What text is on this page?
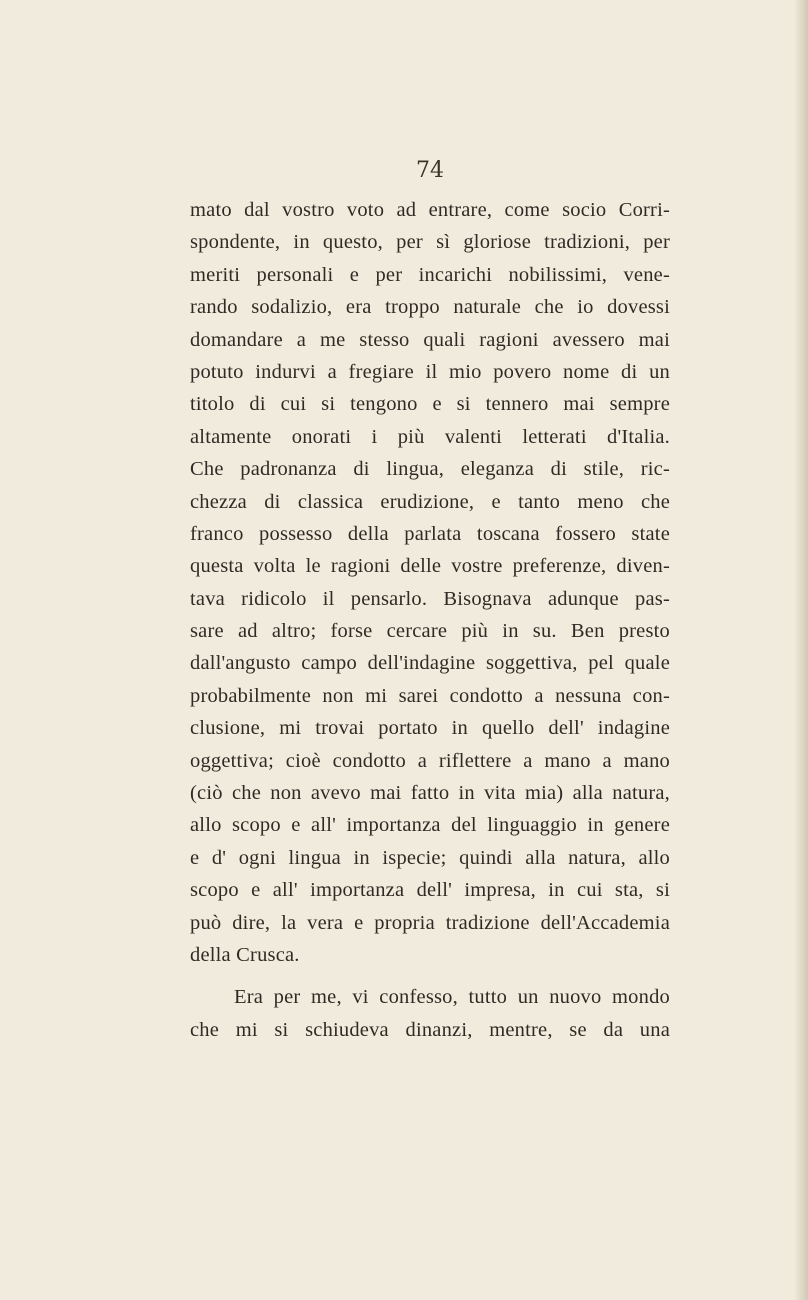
74
mato dal vostro voto ad entrare, come socio Corri-
spondente, in questo, per sì gloriose tradizioni, per
meriti personali e per incarichi nobilissimi, vene-
rando sodalizio, era troppo naturale che io dovessi
domandare a me stesso quali ragioni avessero mai
potuto indurvi a fregiare il mio povero nome di un
titolo di cui si tengono e si tennero mai sempre
altamente onorati i più valenti letterati d'Italia.
Che padronanza di lingua, eleganza di stile, ric-
chezza di classica erudizione, e tanto meno che
franco possesso della parlata toscana fossero state
questa volta le ragioni delle vostre preferenze, diven-
tava ridicolo il pensarlo. Bisognava adunque pas-
sare ad altro; forse cercare più in su. Ben presto
dall'angusto campo dell'indagine soggettiva, pel quale
probabilmente non mi sarei condotto a nessuna con-
clusione, mi trovai portato in quello dell' indagine
oggettiva; cioè condotto a riflettere a mano a mano
(ciò che non avevo mai fatto in vita mia) alla natura,
allo scopo e all' importanza del linguaggio in genere
e d' ogni lingua in ispecie; quindi alla natura, allo
scopo e all' importanza dell' impresa, in cui sta, si
può dire, la vera e propria tradizione dell'Accademia
della Crusca.
Era per me, vi confesso, tutto un nuovo mondo
che mi si schiudeva dinanzi, mentre, se da una
